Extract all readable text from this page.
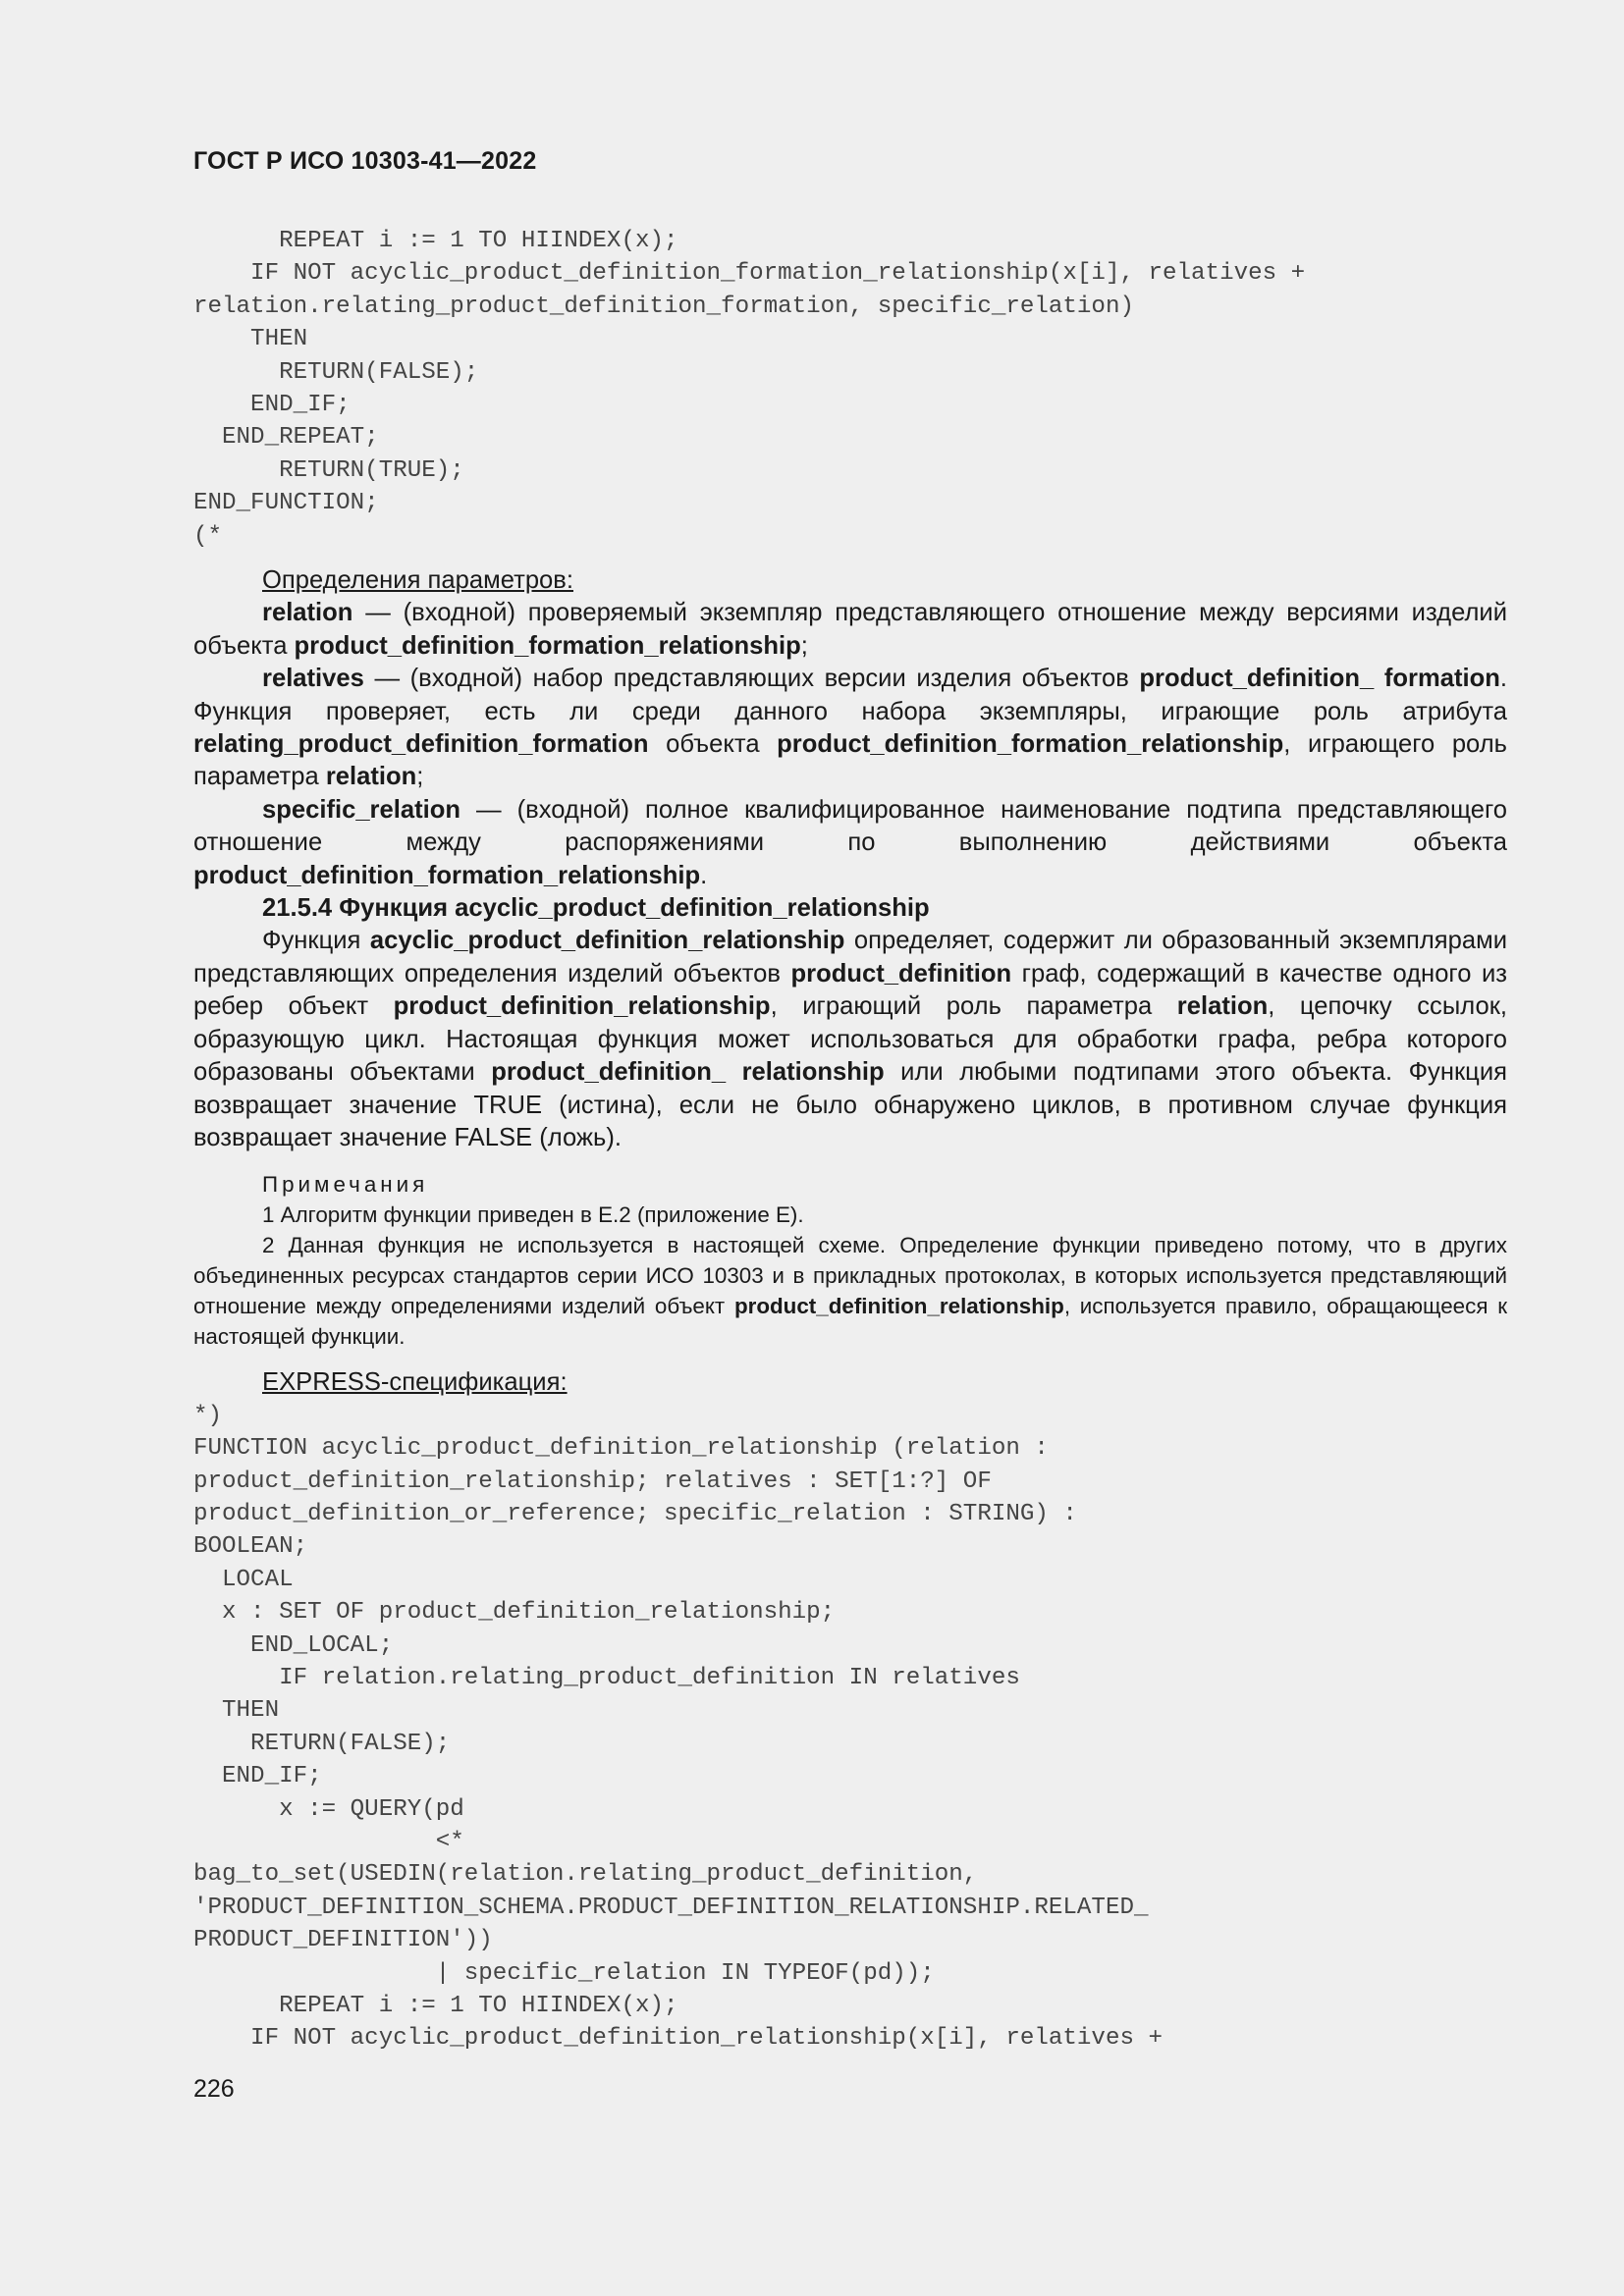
ГОСТ Р ИСО 10303-41—2022
REPEAT i := 1 TO HIINDEX(x);
IF NOT acyclic_product_definition_formation_relationship(x[i], relatives +
relation.relating_product_definition_formation, specific_relation)
THEN
RETURN(FALSE);
END_IF;
END_REPEAT;
RETURN(TRUE);
END_FUNCTION;
(*

Определения параметров:

relation — (входной) проверяемый экземпляр представляющего отношение между версиями изделий объекта product_definition_formation_relationship;

relatives — (входной) набор представляющих версии изделия объектов product_definition_ formation. Функция проверяет, есть ли среди данного набора экземпляры, играющие роль атрибута relating_product_definition_formation объекта product_definition_formation_relationship, играющего роль параметра relation;

specific_relation — (входной) полное квалифицированное наименование подтипа представляющего отношение между распоряжениями по выполнению действиями объекта product_definition_formation_relationship.

21.5.4 Функция acyclic_product_definition_relationship

Функция acyclic_product_definition_relationship определяет, содержит ли образованный экземплярами представляющих определения изделий объектов product_definition граф, содержащий в качестве одного из ребер объект product_definition_relationship, играющий роль параметра relation, цепочку ссылок, образующую цикл. Настоящая функция может использоваться для обработки графа, ребра которого образованы объектами product_definition_ relationship или любыми подтипами этого объекта. Функция возвращает значение TRUE (истина), если не было обнаружено циклов, в противном случае функция возвращает значение FALSE (ложь).

Примечания

1 Алгоритм функции приведен в Е.2 (приложение Е).

2 Данная функция не используется в настоящей схеме. Определение функции приведено потому, что в других объединенных ресурсах стандартов серии ИСО 10303 и в прикладных протоколах, в которых используется представляющий отношение между определениями изделий объект product_definition_relationship, используется правило, обращающееся к настоящей функции.

EXPRESS-спецификация:

*)
FUNCTION acyclic_product_definition_relationship (relation :
product_definition_relationship; relatives : SET[1:?] OF
product_definition_or_reference; specific_relation : STRING) :
BOOLEAN;
LOCAL
x : SET OF product_definition_relationship;
END_LOCAL;
IF relation.relating_product_definition IN relatives
THEN
RETURN(FALSE);
END_IF;
x := QUERY(pd
<*
bag_to_set(USEDIN(relation.relating_product_definition,
'PRODUCT_DEFINITION_SCHEMA.PRODUCT_DEFINITION_RELATIONSHIP.RELATED_
PRODUCT_DEFINITION'))
| specific_relation IN TYPEOF(pd));
REPEAT i := 1 TO HIINDEX(x);
IF NOT acyclic_product_definition_relationship(x[i], relatives +
226
